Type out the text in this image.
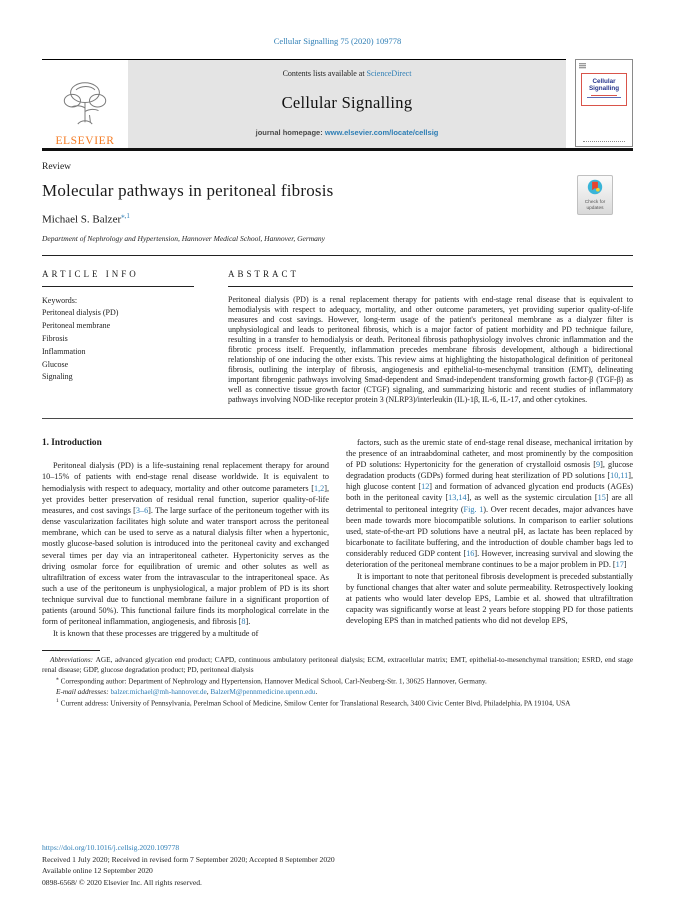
Cellular Signalling 75 (2020) 109778
ELSEVIER
Contents lists available at ScienceDirect
Cellular Signalling
journal homepage: www.elsevier.com/locate/cellsig
Cellular Signalling
Review
Molecular pathways in peritoneal fibrosis
Michael S. Balzer$^{⁎,1}$
Department of Nephrology and Hypertension, Hannover Medical School, Hannover, Germany
Check for updates
ARTICLE INFO
Keywords:
Peritoneal dialysis (PD)
Peritoneal membrane
Fibrosis
Inflammation
Glucose
Signaling
ABSTRACT
Peritoneal dialysis (PD) is a renal replacement therapy for patients with end-stage renal disease that is equivalent to hemodialysis with respect to adequacy, mortality, and other outcome parameters, yet providing superior quality-of-life measures and cost savings. However, long-term usage of the patient's peritoneal membrane as a dialyzer filter is unphysiological and leads to peritoneal fibrosis, which is a major factor of patient morbidity and PD technique failure, resulting in a transfer to hemodialysis or death. Peritoneal fibrosis pathophysiology involves chronic inflammation and the fibrotic process itself. Frequently, inflammation precedes membrane fibrosis development, although a bidirectional relationship of one inducing the other exists. This review aims at highlighting the histopathological definition of peritoneal fibrosis, outlining the interplay of fibrosis, angiogenesis and epithelial-to-mesenchymal transition (EMT), delineating important fibrogenic pathways involving Smad-dependent and Smad-independent transforming growth factor-β (TGF-β) as well as connective tissue growth factor (CTGF) signaling, and summarizing historic and recent studies of inflammatory pathways involving NOD-like receptor protein 3 (NLRP3)/interleukin (IL)-1β, IL-6, IL-17, and other cytokines.
1. Introduction

Peritoneal dialysis (PD) is a life-sustaining renal replacement therapy for around 10–15% of patients with end-stage renal disease worldwide. It is equivalent to hemodialysis with respect to adequacy, mortality and other outcome parameters [1,2], yet provides better preservation of residual renal function, superior quality-of-life measures, and cost savings [3–6]. The large surface of the peritoneum together with its dense vascularization facilitates high solute and water transport across the peritoneal membrane, which can be used to serve as a natural dialysis filter when a hypertonic, mostly glucose-based solution is introduced into the peritoneal cavity and exchanged several times per day via an intraperitoneal catheter. Hypertonicity serves as the driving osmolar force for equilibration of uremic and other solutes as well as ultrafiltration of excess water from the intravascular to the intraperitoneal space. As such a use of the peritoneum is unphysiological, a major problem of PD is its short technique survival due to functional membrane failure in a significant proportion of patients (around 50%). This functional failure finds its morphological correlate in the form of peritoneal inflammation, angiogenesis, and fibrosis [8].

It is known that these processes are triggered by a multitude of

factors, such as the uremic state of end-stage renal disease, mechanical irritation by the presence of an intraabdominal catheter, and most prominently by the composition of PD solutions: Hypertonicity for the generation of crystalloid osmosis [9], glucose degradation products (GDPs) formed during heat sterilization of PD solutions [10,11], high glucose content [12] and formation of advanced glycation end products (AGEs) both in the peritoneal cavity [13,14], as well as the systemic circulation [15] are all detrimental to peritoneal integrity (Fig. 1). Over recent decades, major advances have been made towards more biocompatible solutions. In comparison to earlier solutions used, state-of-the-art PD solutions have a neutral pH, as lactate has been replaced by bicarbonate to facilitate buffering, and the introduction of double chamber bags led to considerably reduced GDP content [16]. However, increasing survival and slowing the deterioration of the peritoneal membrane continues to be a major problem in PD. [17]

It is important to note that peritoneal fibrosis development is preceded substantially by functional changes that alter water and solute permeability. Retrospectively looking at patients who would later develop EPS, Lambie et al. showed that ultrafiltration capacity was significantly worse at least 2 years before stopping PD for those patients developing EPS than in matched patients who did not develop EPS,

Abbreviations: AGE, advanced glycation end product; CAPD, continuous ambulatory peritoneal dialysis; ECM, extracellular matrix; EMT, epithelial-to-mesenchymal transition; ESRD, end stage renal disease; GDP, glucose degradation product; PD, peritoneal dialysis

⁎ Corresponding author: Department of Nephrology and Hypertension, Hannover Medical School, Carl-Neuberg-Str. 1, 30625 Hannover, Germany.

E-mail addresses: balzer.michael@mh-hannover.de, BalzerM@pennmedicine.upenn.edu.

$^1$ Current address: University of Pennsylvania, Perelman School of Medicine, Smilow Center for Translational Research, 3400 Civic Center Blvd, Philadelphia, PA 19104, USA

https://doi.org/10.1016/j.cellsig.2020.109778
Received 1 July 2020; Received in revised form 7 September 2020; Accepted 8 September 2020
Available online 12 September 2020
0898-6568/ © 2020 Elsevier Inc. All rights reserved.
